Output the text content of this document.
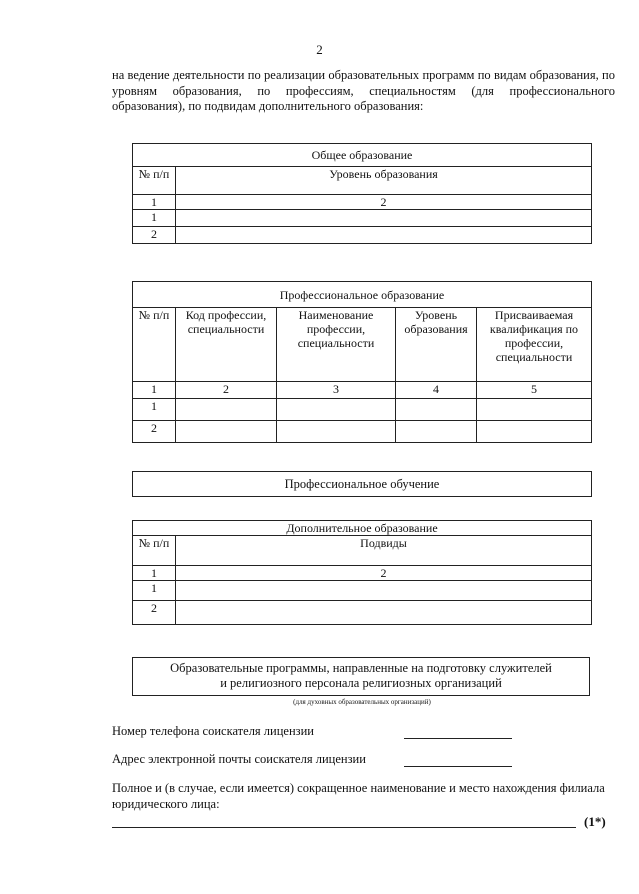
2
на ведение деятельности по реализации образовательных программ по видам образования, по уровням образования, по профессиям, специальностям (для профессионального образования), по подвидам дополнительного образования:
Общее образование	
№ п/п	Уровень образования
1	2
1	
2	
Профессиональное образование				
№ п/п	Код профессии, специальности	Наименование профессии, специальности	Уровень образования	Присваиваемая квалификация по профессии, специальности
1	2	3	4	5
1				
2				
Профессиональное обучение
Дополнительное образование	
№ п/п	Подвиды
1	2
1	
2	
Образовательные программы, направленные на подготовку служителей
и религиозного персонала религиозных организаций
(для духовных образовательных организаций)
Номер телефона соискателя лицензии
Адрес электронной почты соискателя лицензии
Полное и (в случае, если имеется) сокращенное наименование и место нахождения филиала
юридического лица:
(1*)
